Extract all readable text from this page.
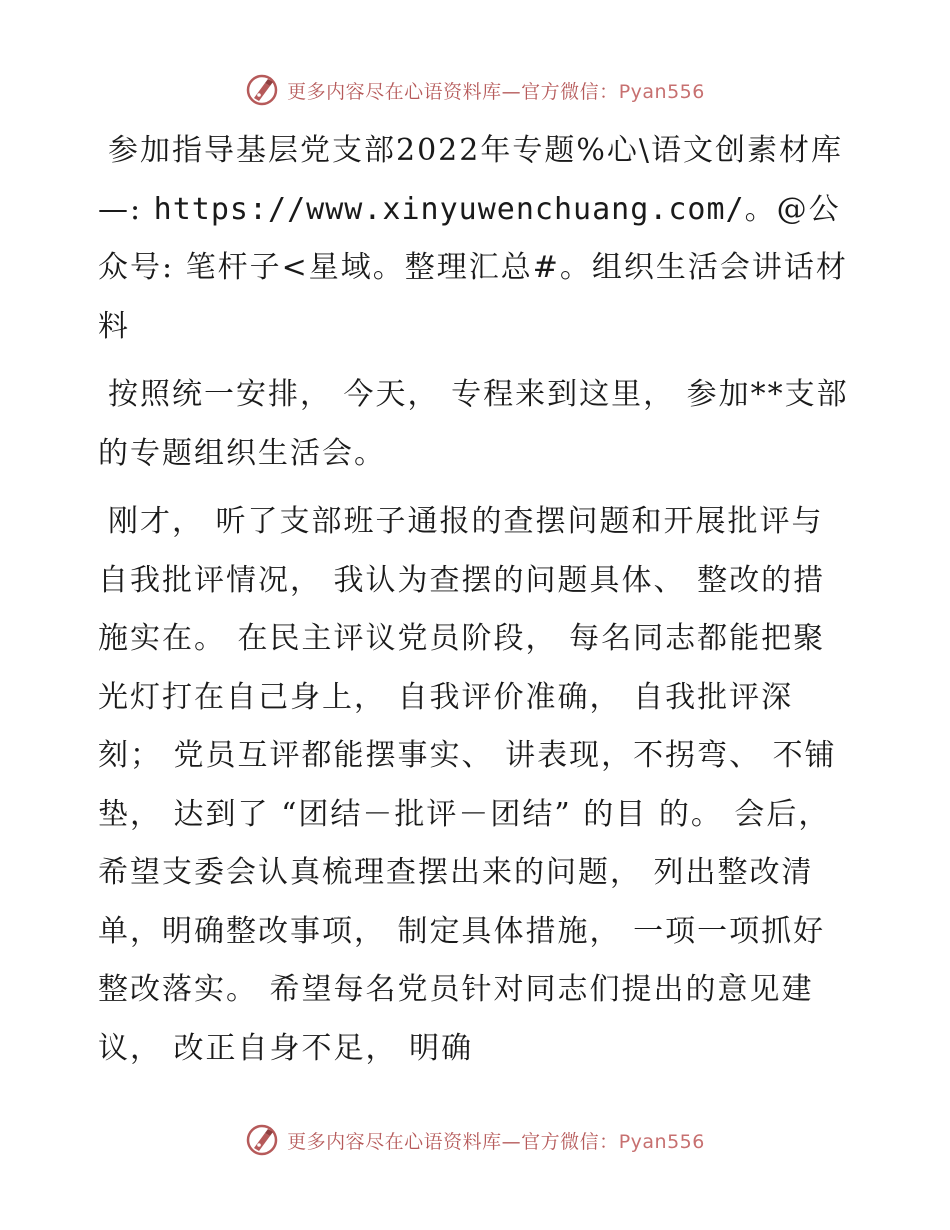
更多内容尽在心语资料库—官方微信：Pyan556

参加指导基层党支部2022年专题%心\语文创素材库—: https://www.xinyuwenchuang.com/。@公众号: 笔杆子<星域。整理汇总#。组织生活会讲话材料

按照统一安排， 今天， 专程来到这里， 参加**支部的专题组织生活会。

刚才， 听了支部班子通报的查摆问题和开展批评与自我批评情况， 我认为查摆的问题具体、 整改的措施实在。 在民主评议党员阶段， 每名同志都能把聚光灯打在自己身上， 自我评价准确， 自我批评深刻； 党员互评都能摆事实、 讲表现，不拐弯、 不铺垫， 达到了 “团结－批评－团结” 的目 的。 会后， 希望支委会认真梳理查摆出来的问题， 列出整改清单，明确整改事项， 制定具体措施， 一项一项抓好整改落实。 希望每名党员针对同志们提出的意见建议， 改正自身不足， 明确

更多内容尽在心语资料库—官方微信：Pyan556
